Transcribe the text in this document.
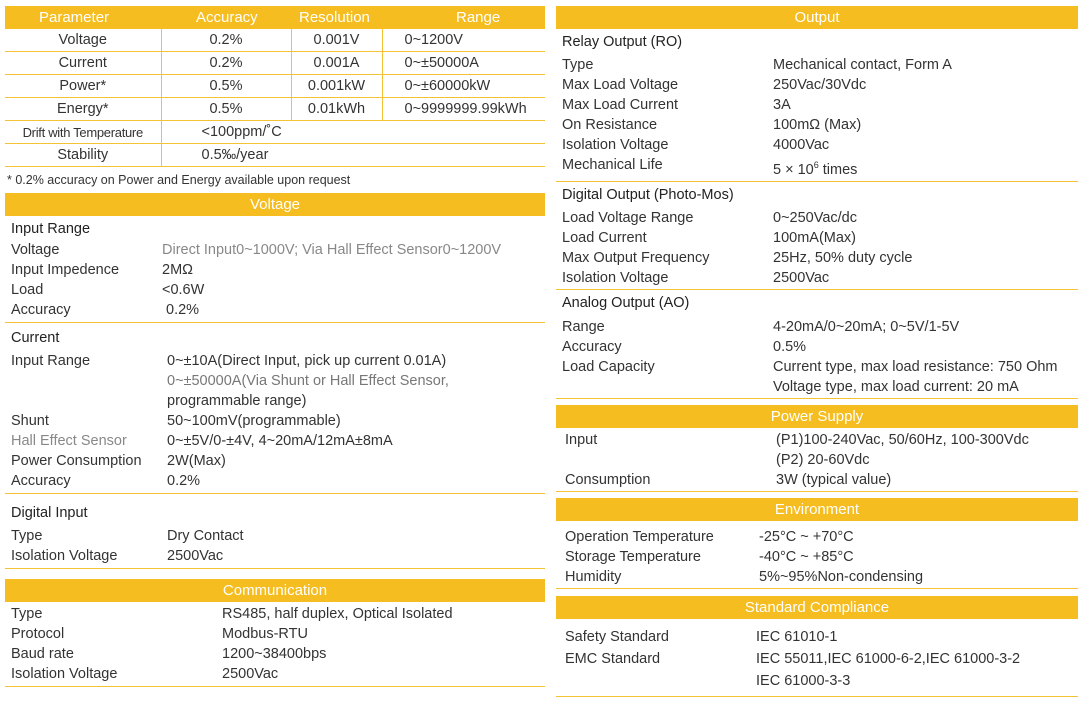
Parameter	Accuracy	Resolution	Range
Voltage	0.2%	0.001V	0~1200V
Current	0.2%	0.001A	0~±50000A
Power*	0.5%	0.001kW	0~±60000kW
Energy*	0.5%	0.01kWh	0~9999999.99kWh
Drift with Temperature	<100ppm/˚C		
Stability	0.5‰/year		
* 0.2% accuracy on Power and Energy available upon request
Voltage
Input Range
Voltage	Direct Input0~1000V; Via Hall Effect Sensor0~1200V
Input Impedence	2MΩ
Load	<0.6W
Accuracy	0.2%
Current
Input Range	0~±10A(Direct Input, pick up current 0.01A)
0~±50000A(Via Shunt or Hall Effect Sensor,
programmable range)
Shunt	50~100mV(programmable)
Hall Effect Sensor	0~±5V/0-±4V, 4~20mA/12mA±8mA
Power Consumption	2W(Max)
Accuracy	0.2%
Digital Input
Type	Dry Contact
Isolation Voltage	2500Vac
Communication
Type	RS485, half duplex, Optical Isolated
Protocol	Modbus-RTU
Baud rate	1200~38400bps
Isolation Voltage	2500Vac
Output
Relay Output (RO)
Type	Mechanical contact, Form A
Max Load Voltage	250Vac/30Vdc
Max Load Current	3A
On Resistance	100mΩ (Max)
Isolation Voltage	4000Vac
Mechanical Life	$5 \times 10^6$ times
Digital Output (Photo-Mos)
Load Voltage Range	0~250Vac/dc
Load Current	100mA(Max)
Max Output Frequency	25Hz, 50% duty cycle
Isolation Voltage	2500Vac
Analog Output (AO)
Range	4-20mA/0~20mA; 0~5V/1-5V
Accuracy	0.5%
Load Capacity	Current type, max load resistance: 750 Ohm
Voltage type, max load current: 20 mA
Power Supply
Input	(P1)100-240Vac, 50/60Hz, 100-300Vdc
(P2) 20-60Vdc
Consumption	3W (typical value)
Environment
Operation Temperature	-25°C ~ +70°C
Storage Temperature	-40°C ~ +85°C
Humidity	5%~95%Non-condensing
Standard Compliance
Safety Standard	IEC 61010-1
EMC Standard	IEC 55011,IEC 61000-6-2,IEC 61000-3-2
IEC 61000-3-3
